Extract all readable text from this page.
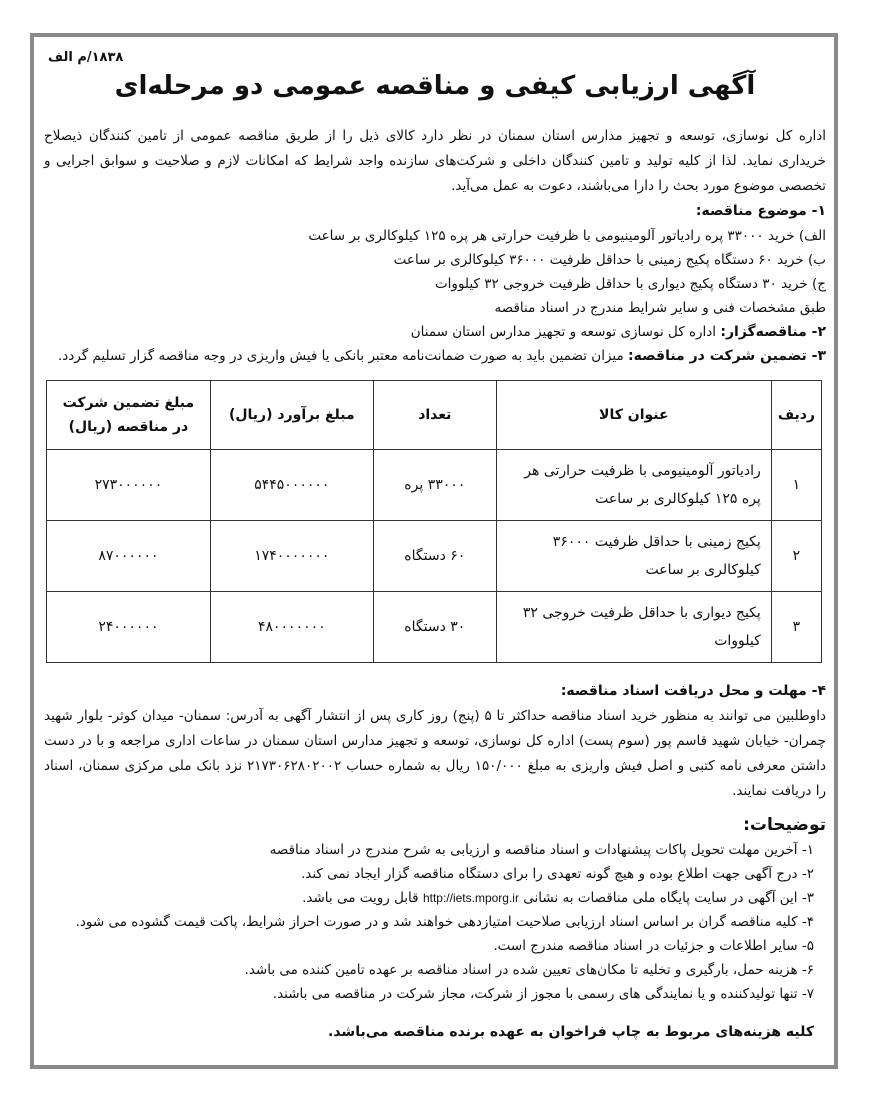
۱۸۳۸/م الف
آگهی ارزیابی کیفی و مناقصه عمومی دو مرحله‌ای

اداره کل نوسازی، توسعه و تجهیز مدارس استان سمنان در نظر دارد کالای ذیل را از طریق مناقصه عمومی از تامین کنندگان ذیصلاح خریداری نماید. لذا از کلیه تولید و تامین کنندگان داخلی و شرکت‌های سازنده واجد شرایط که امکانات لازم و صلاحیت و سوابق اجرایی و تخصصی موضوع مورد بحث را دارا می‌باشند، دعوت به عمل می‌آید.

۱- موضوع مناقصه:

الف) خرید ۳۳۰۰۰ پره رادیاتور آلومینیومی با ظرفیت حرارتی هر پره ۱۲۵ کیلوکالری بر ساعت

ب) خرید ۶۰ دستگاه پکیج زمینی با حداقل ظرفیت ۳۶۰۰۰ کیلوکالری بر ساعت

ج) خرید ۳۰ دستگاه پکیج دیواری با حداقل ظرفیت خروجی ۳۲ کیلووات

طبق مشخصات فنی و سایر شرایط مندرج در اسناد مناقصه

۲- مناقصه‌گزار: اداره کل نوسازی توسعه و تجهیز مدارس استان سمنان

۳- تضمین شرکت در مناقصه: میزان تضمین باید به صورت ضمانت‌نامه معتبر بانکی یا فیش واریزی در وجه مناقصه گزار تسلیم گردد.

ردیف	عنوان کالا	تعداد	مبلغ برآورد (ریال)	مبلغ تضمین شرکت در مناقصه (ریال)
۱	رادیاتور آلومینیومی با ظرفیت حرارتی هر پره ۱۲۵ کیلوکالری بر ساعت	۳۳۰۰۰ پره	۵۴۴۵۰۰۰۰۰۰	۲۷۳۰۰۰۰۰۰
۲	پکیج زمینی با حداقل ظرفیت ۳۶۰۰۰ کیلوکالری بر ساعت	۶۰ دستگاه	۱۷۴۰۰۰۰۰۰۰	۸۷۰۰۰۰۰۰
۳	پکیج دیواری با حداقل ظرفیت خروجی ۳۲ کیلووات	۳۰ دستگاه	۴۸۰۰۰۰۰۰۰	۲۴۰۰۰۰۰۰

۴- مهلت و محل دریافت اسناد مناقصه:

داوطلبین می توانند به منظور خرید اسناد مناقصه حداکثر تا ۵ (پنج) روز کاری پس از انتشار آگهی به آدرس: سمنان- میدان کوثر- بلوار شهید چمران- خیابان شهید قاسم پور (سوم پست) اداره کل نوسازی، توسعه و تجهیز مدارس استان سمنان در ساعات اداری مراجعه و با در دست داشتن معرفی نامه کتبی و اصل فیش واریزی به مبلغ ۱۵۰/۰۰۰ ریال به شماره حساب ۲۱۷۳۰۶۲۸۰۲۰۰۲ نزد بانک ملی مرکزی سمنان، اسناد را دریافت نمایند.

توضیحات:

۱- آخرین مهلت تحویل پاکات پیشنهادات و اسناد مناقصه و ارزیابی به شرح مندرج در اسناد مناقصه

۲- درج آگهی جهت اطلاع بوده و هیچ گونه تعهدی را برای دستگاه مناقصه گزار ایجاد نمی کند.

۳- این آگهی در سایت پایگاه ملی مناقصات به نشانی http://iets.mporg.ir قابل رویت می باشد.

۴- کلیه مناقصه گران بر اساس اسناد ارزیابی صلاحیت امتیازدهی خواهند شد و در صورت احراز شرایط، پاکت قیمت گشوده می شود.

۵- سایر اطلاعات و جزئیات در اسناد مناقصه مندرج است.

۶- هزینه حمل، بارگیری و تخلیه تا مکان‌های تعیین شده در اسناد مناقصه بر عهده تامین کننده می باشد.

۷- تنها تولیدکننده و یا نمایندگی های رسمی با مجوز از شرکت، مجاز شرکت در مناقصه می باشند.

کلیه هزینه‌های مربوط به چاپ فراخوان به عهده برنده مناقصه می‌باشد.
